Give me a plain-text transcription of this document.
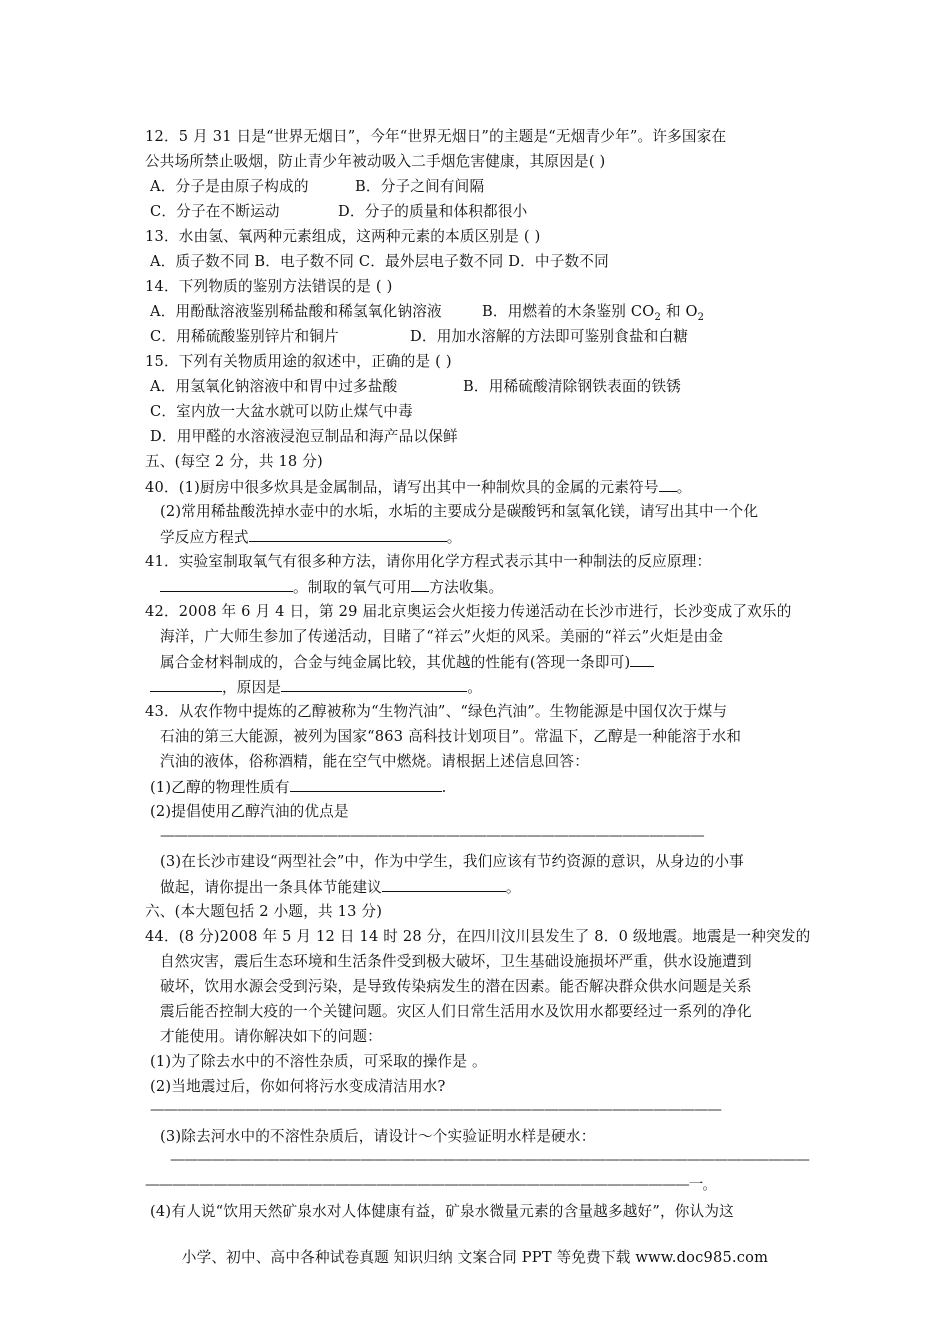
12．5 月 31 日是“世界无烟日”，今年“世界无烟日”的主题是“无烟青少年”。许多国家在
公共场所禁止吸烟，防止青少年被动吸入二手烟危害健康，其原因是( )
A．分子是由原子构成的	B．分子之间有间隔
C．分子在不断运动	D．分子的质量和体积都很小
13．水由氢、氧两种元素组成，这两种元素的本质区别是 ( )
A．质子数不同 B．电子数不同 C．最外层电子数不同 D．中子数不同
14．下列物质的鉴别方法错误的是 ( )
A．用酚酞溶液鉴别稀盐酸和稀氢氧化钠溶液	B．用燃着的木条鉴别 $CO_2$ 和 $O_2$
C．用稀硫酸鉴别锌片和铜片	D．用加水溶解的方法即可鉴别食盐和白糖
15．下列有关物质用途的叙述中，正确的是 ( )
A．用氢氧化钠溶液中和胃中过多盐酸	B．用稀硫酸清除钢铁表面的铁锈
C．室内放一大盆水就可以防止煤气中毒
D．用甲醛的水溶液浸泡豆制品和海产品以保鲜
五、(每空 2 分，共 18 分)
40．(1)厨房中很多炊具是金属制品，请写出其中一种制炊具的金属的元素符号 。
(2)常用稀盐酸洗掉水壶中的水垢，水垢的主要成分是碳酸钙和氢氧化镁，请写出其中一个化
学反应方程式	。
41．实验室制取氧气有很多种方法，请你用化学方程式表示其中一种制法的反应原理：
。制取的氧气可用 方法收集。
42．2008 年 6 月 4 日，第 29 届北京奥运会火炬接力传递活动在长沙市进行，长沙变成了欢乐的
海洋，广大师生参加了传递活动，目睹了“祥云”火炬的风采。美丽的“祥云”火炬是由金
属合金材料制成的，合金与纯金属比较，其优越的性能有(答现一条即可)
，原因是	。
43．从农作物中提炼的乙醇被称为“生物汽油”、“绿色汽油”。生物能源是中国仅次于煤与
石油的第三大能源，被列为国家“863 高科技计划项目”。常温下，乙醇是一种能溶于水和
汽油的液体，俗称酒精，能在空气中燃烧。请根据上述信息回答：
(1)乙醇的物理性质有	.
(2)提倡使用乙醇汽油的优点是
————————————————————————————————————————
(3)在长沙市建设“两型社会”中，作为中学生，我们应该有节约资源的意识，从身边的小事
做起，请你提出一条具体节能建议	。
六、(本大题包括 2 小题，共 13 分)
44．(8 分)2008 年 5 月 12 日 14 时 28 分，在四川汶川县发生了 8．0 级地震。地震是一种突发的
自然灾害，震后生态环境和生活条件受到极大破坏，卫生基础设施损坏严重，供水设施遭到
破坏，饮用水源会受到污染，是导致传染病发生的潜在因素。能否解决群众供水问题是关系
震后能否控制大疫的一个关键问题。灾区人们日常生活用水及饮用水都要经过一系列的净化
才能使用。请你解决如下的问题：
(1)为了除去水中的不溶性杂质，可采取的操作是 。
(2)当地震过后，你如何将污水变成清洁用水?
——————————————————————————————————————————
(3)除去河水中的不溶性杂质后，请设计～个实验证明水样是硬水：
———————————————————————————————————————————————
————————————————————————————————————————一。
(4)有人说“饮用天然矿泉水对人体健康有益，矿泉水微量元素的含量越多越好”，你认为这
小学、初中、高中各种试卷真题 知识归纳 文案合同 PPT 等免费下载 www.doc985.com
